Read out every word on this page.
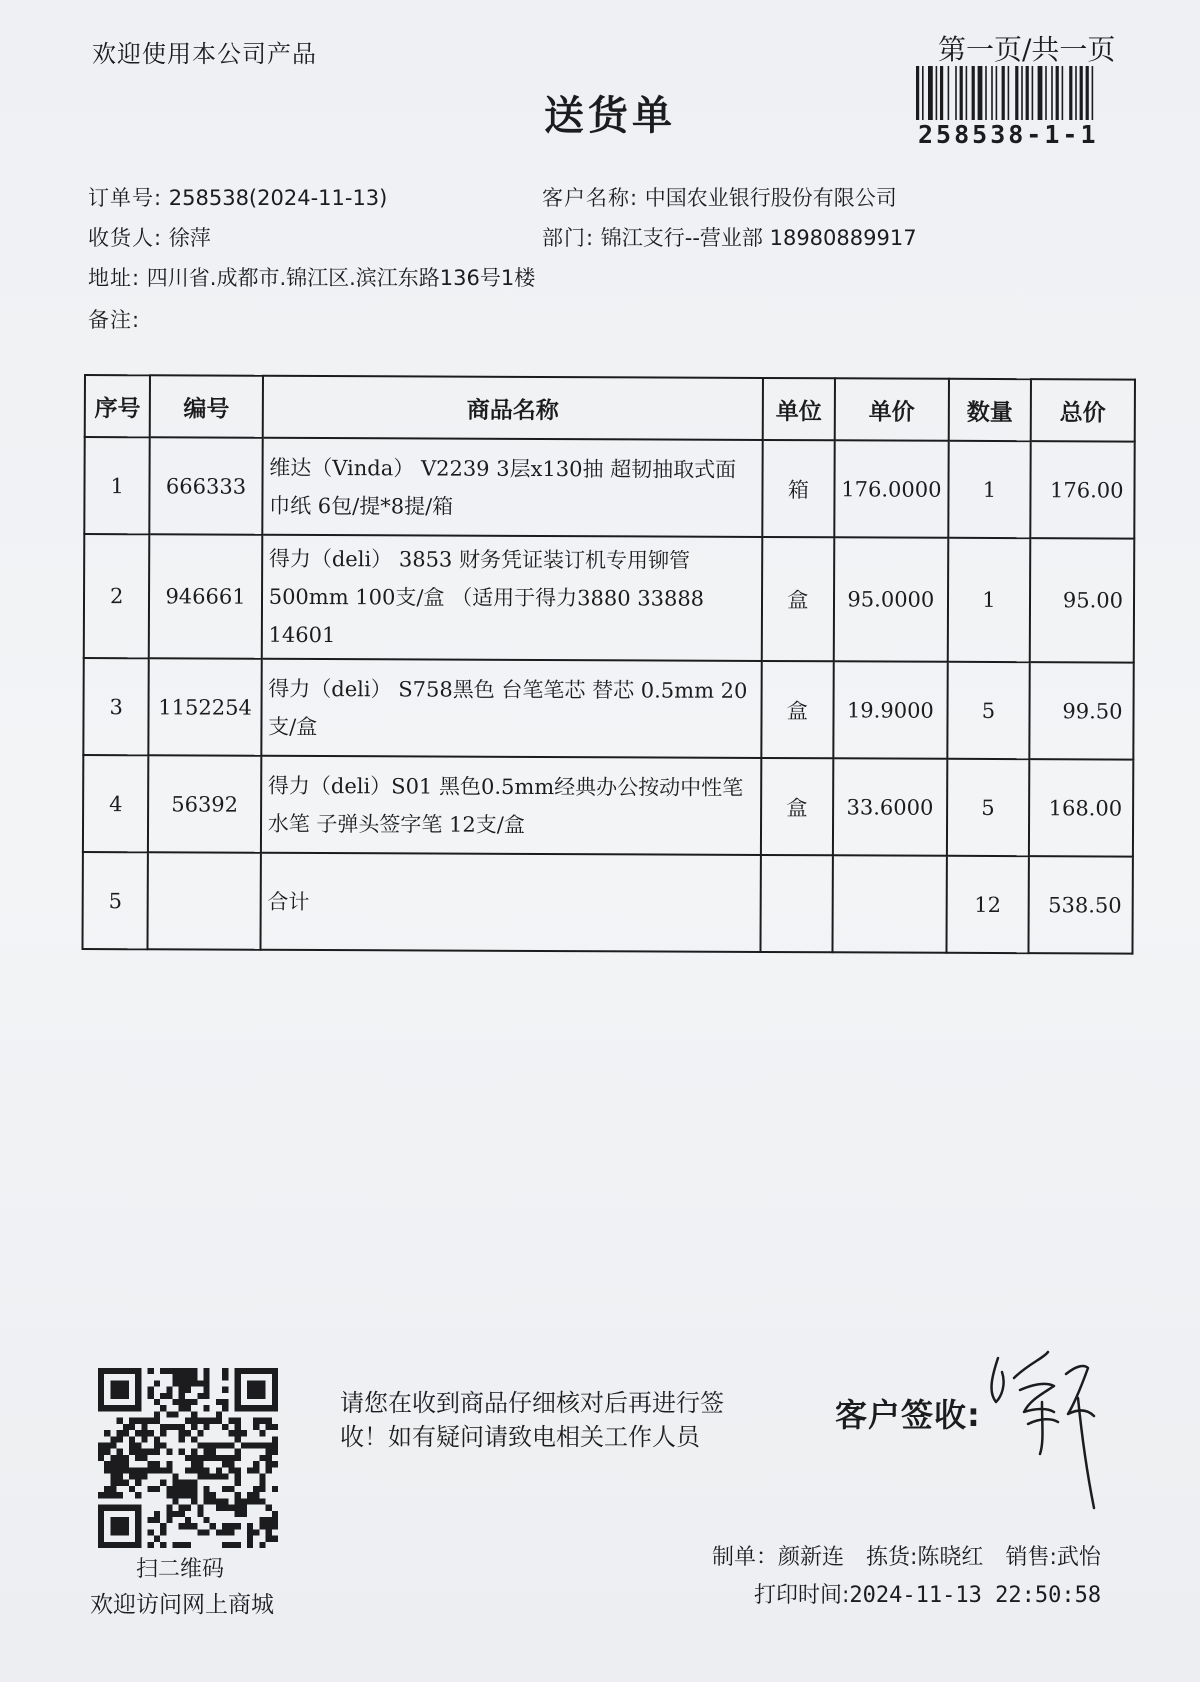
欢迎使用本公司产品	第一页/共一页
258538-1-1
送货单
订单号: 258538(2024-11-13)
收货人: 徐萍
地址: 四川省.成都市.锦江区.滨江东路136号1楼
备注:
客户名称: 中国农业银行股份有限公司
部门: 锦江支行--营业部 18980889917
序号	编号	商品名称	单位	单价	数量	总价
1	666333	维达（Vinda） V2239 3层x130抽 超韧抽取式面巾纸 6包/提*8提/箱	箱	176.0000	1	176.00
2	946661	得力（deli） 3853 财务凭证装订机专用铆管 500mm 100支/盒 （适用于得力3880 33888 14601	盒	95.0000	1	95.00
3	1152254	得力（deli） S758黑色 台笔笔芯 替芯 0.5mm 20支/盒	盒	19.9000	5	99.50
4	56392	得力（deli）S01 黑色0.5mm经典办公按动中性笔水笔 子弹头签字笔 12支/盒	盒	33.6000	5	168.00
5		合计			12	538.50
扫二维码
欢迎访问网上商城
请您在收到商品仔细核对后再进行签收！如有疑问请致电相关工作人员
客户签收:
制单：颜新连 拣货:陈晓红 销售:武怡
打印时间:2024-11-13 22:50:58
